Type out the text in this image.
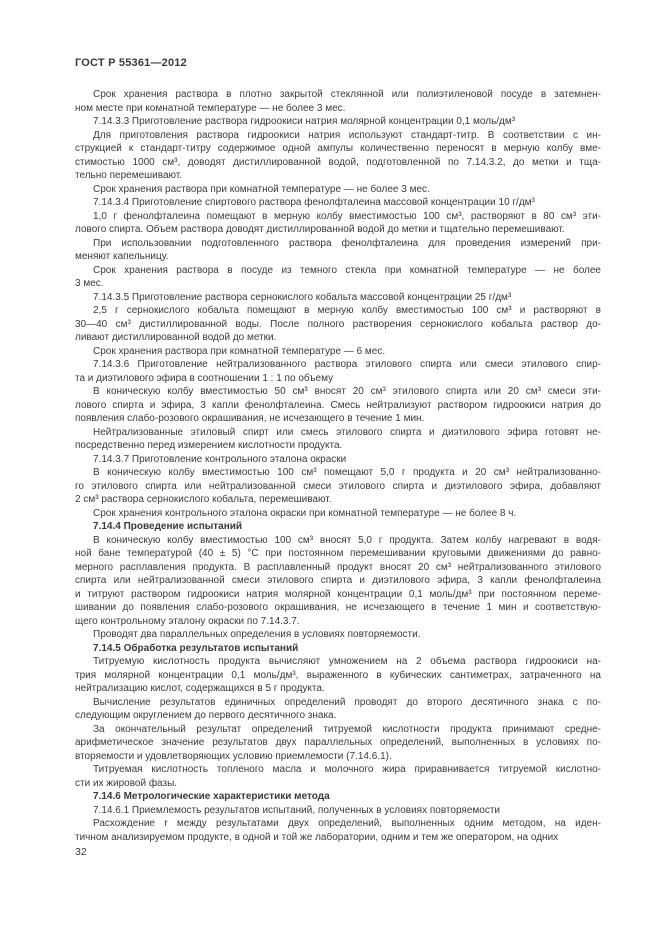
ГОСТ Р 55361—2012
Срок хранения раствора в плотно закрытой стеклянной или полиэтиленовой посуде в затемнен-
ном месте при комнатной температуре — не более 3 мес.
7.14.3.3 Приготовление раствора гидроокиси натрия молярной концентрации 0,1 моль/дм³
Для приготовления раствора гидроокиси натрия используют стандарт-титр. В соответствии с ин-
струкцией к стандарт-титру содержимое одной ампулы количественно переносят в мерную колбу вме-
стимостью 1000 см³, доводят дистиллированной водой, подготовленной по 7.14.3.2, до метки и тща-
тельно перемешивают.
Срок хранения раствора при комнатной температуре — не более 3 мес.
7.14.3.4 Приготовление спиртового раствора фенолфталеина массовой концентрации 10 г/дм³
1,0 г фенолфталеина помещают в мерную колбу вместимостью 100 см³, растворяют в 80 см³ эти-
лового спирта. Объем раствора доводят дистиллированной водой до метки и тщательно перемешивают.
При использовании подготовленного раствора фенолфталеина для проведения измерений при-
меняют капельницу.
Срок хранения раствора в посуде из темного стекла при комнатной температуре — не более
3 мес.
7.14.3.5 Приготовление раствора сернокислого кобальта массовой концентрации 25 г/дм³
2,5 г сернокислого кобальта помещают в мерную колбу вместимостью 100 см³ и растворяют в
30—40 см³ дистиллированной воды. После полного растворения сернокислого кобальта раствор до-
ливают дистиллированной водой до метки.
Срок хранения раствора при комнатной температуре — 6 мес.
7.14.3.6 Приготовление нейтрализованного раствора этилового спирта или смеси этилового спир-
та и диэтилового эфира в соотношении 1 : 1 по объему
В коническую колбу вместимостью 50 см³ вносят 20 см³ этилового спирта или 20 см³ смеси эти-
лового спирта и эфира, 3 капли фенолфталеина. Смесь нейтрализуют раствором гидроокиси натрия до
появления слабо-розового окрашивания, не исчезающего в течение 1 мин.
Нейтрализованные этиловый спирт или смесь этилового спирта и диэтилового эфира готовят не-
посредственно перед измерением кислотности продукта.
7.14.3.7 Приготовление контрольного эталона окраски
В коническую колбу вместимостью 100 см³ помещают 5,0 г продукта и 20 см³ нейтрализованно-
го этилового спирта или нейтрализованной смеси этилового спирта и диэтилового эфира, добавляют
2 см³ раствора сернокислого кобальта, перемешивают.
Срок хранения контрольного эталона окраски при комнатной температуре — не более 8 ч.
7.14.4 Проведение испытаний
В коническую колбу вместимостью 100 см³ вносят 5,0 г продукта. Затем колбу нагревают в водя-
ной бане температурой (40 ± 5) °С при постоянном перемешивании круговыми движениями до равно-
мерного расплавления продукта. В расплавленный продукт вносят 20 см³ нейтрализованного этилового
спирта или нейтрализованной смеси этилового спирта и диэтилового эфира, 3 капли фенолфталеина
и титруют раствором гидроокиси натрия молярной концентрации 0,1 моль/дм³ при постоянном переме-
шивании до появления слабо-розового окрашивания, не исчезающего в течение 1 мин и соответствую-
щего контрольному эталону окраски по 7.14.3.7.
Проводят два параллельных определения в условиях повторяемости.
7.14.5 Обработка результатов испытаний
Титруемую кислотность продукта вычисляют умножением на 2 объема раствора гидроокиси на-
трия молярной концентрации 0,1 моль/дм³, выраженного в кубических сантиметрах, затраченного на
нейтрализацию кислот, содержащихся в 5 г продукта.
Вычисление результатов единичных определений проводят до второго десятичного знака с по-
следующим округлением до первого десятичного знака.
За окончательный результат определений титруемой кислотности продукта принимают средне-
арифметическое значение результатов двух параллельных определений, выполненных в условиях по-
вторяемости и удовлетворяющих условию приемлемости (7.14.6.1).
Титруемая кислотность топленого масла и молочного жира приравнивается титруемой кислотно-
сти их жировой фазы.
7.14.6 Метрологические характеристики метода
7.14.6.1 Приемлемость результатов испытаний, полученных в условиях повторяемости
Расхождение r между результатами двух определений, выполненных одним методом, на иден-
тичном анализируемом продукте, в одной и той же лаборатории, одним и тем же оператором, на одних
32
